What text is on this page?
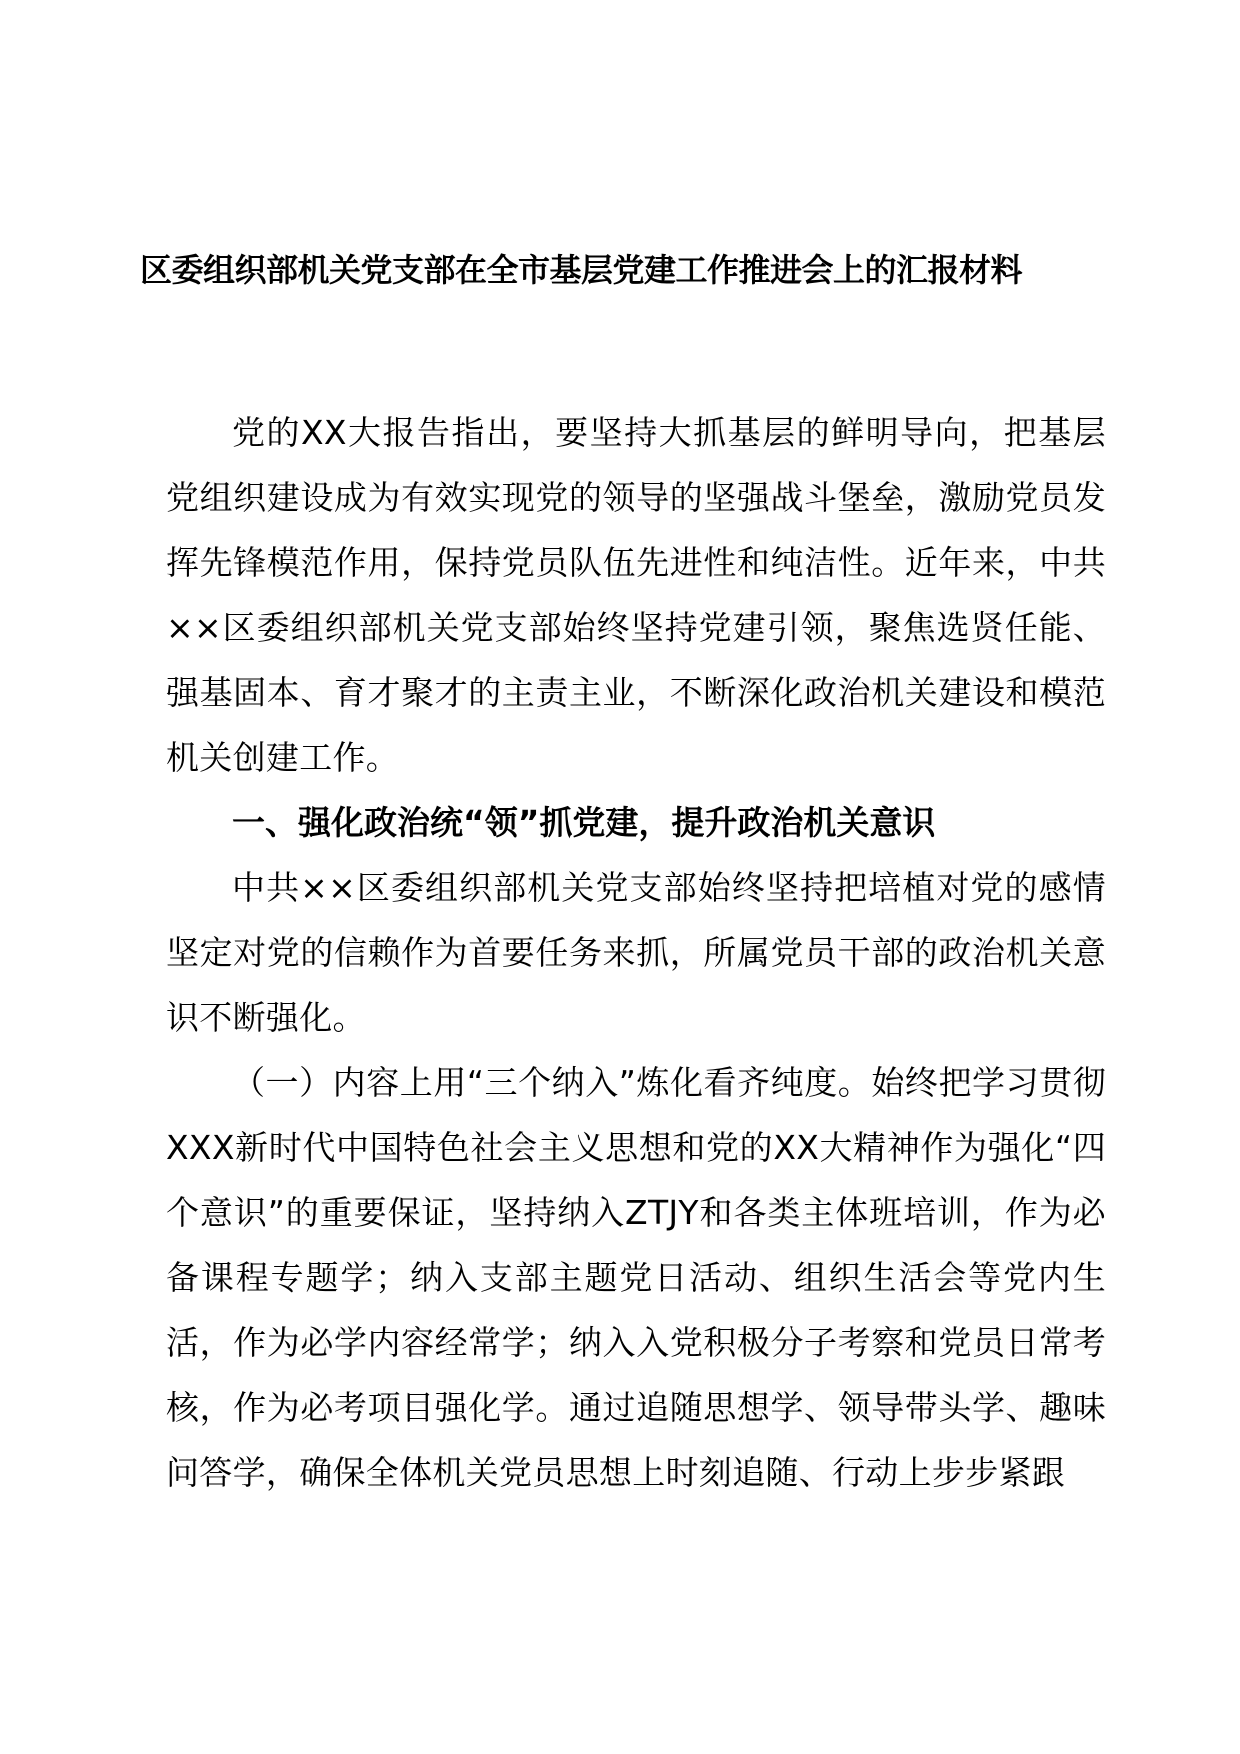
区委组织部机关党支部在全市基层党建工作推进会上的汇报材料

党的XX大报告指出，要坚持大抓基层的鲜明导向，把基层党组织建设成为有效实现党的领导的坚强战斗堡垒，激励党员发挥先锋模范作用，保持党员队伍先进性和纯洁性。近年来，中共××区委组织部机关党支部始终坚持党建引领，聚焦选贤任能、强基固本、育才聚才的主责主业，不断深化政治机关建设和模范机关创建工作。

一、强化政治统“领”抓党建，提升政治机关意识

中共××区委组织部机关党支部始终坚持把培植对党的感情坚定对党的信赖作为首要任务来抓，所属党员干部的政治机关意识不断强化。

（一）内容上用“三个纳入”炼化看齐纯度。始终把学习贯彻XXX新时代中国特色社会主义思想和党的XX大精神作为强化“四个意识”的重要保证，坚持纳入ZTJY和各类主体班培训，作为必备课程专题学；纳入支部主题党日活动、组织生活会等党内生活，作为必学内容经常学；纳入入党积极分子考察和党员日常考核，作为必考项目强化学。通过追随思想学、领导带头学、趣味问答学，确保全体机关党员思想上时刻追随、行动上步步紧跟
